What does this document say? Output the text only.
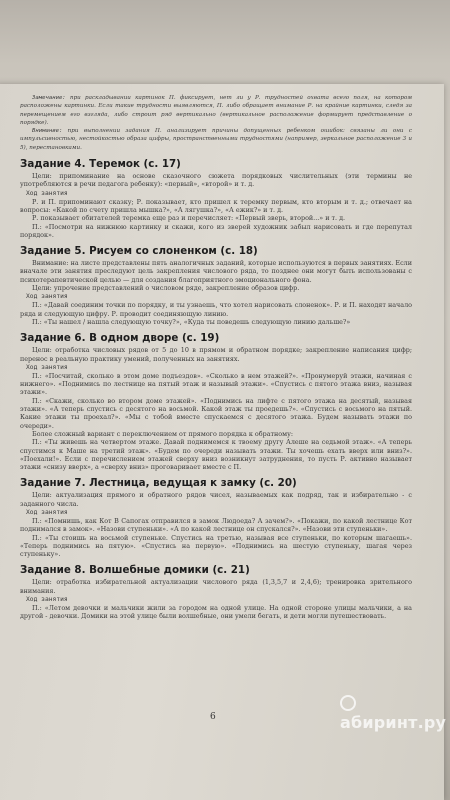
Замечание: при раскладывании картинок П. фиксирует, нет ли у Р. трудностей охвата всего поля, на котором расположены картинки. Если такие трудности выявляются, П. либо обращает внимание Р. на крайние картинки, следя за перемещением его взгляда, либо строит ряд вертикально (вертикальное расположение формирует представление о порядке).

Внимание: при выполнении задания П. анализирует причины допущенных ребенком ошибок: связаны ли они с импульсивностью, нестойкостью образа цифры, пространственными трудностями (например, зеркальное расположение 3 и 5), перестановками.

Задание 4. Теремок (с. 17)

Цели: припоминание на основе сказочного сюжета порядковых числительных (эти термины не употребляются в речи педагога ребенку): «первый», «второй» и т. д.

Ход занятия

Р. и П. припоминают сказку; Р. показывает, кто пришел к теремку первым, кто вторым и т. д.; отвечает на вопросы: «Какой по счету пришла мышка?», «А лягушка?», «А ежик?» и т. д.

Р. показывает обитателей теремка еще раз и перечисляет: «Первый зверь, второй...» и т. д.

П.: «Посмотри на нижнюю картинку и скажи, кого из зверей художник забыл нарисовать и где перепутал порядок».

Задание 5. Рисуем со слоненком (с. 18)

Внимание: на листе представлены пять аналогичных заданий, которые используются в первых занятиях. Если вначале эти занятия преследуют цель закрепления числового ряда, то позднее они могут быть использованы с психотерапевтической целью — для создания благоприятного эмоционального фона.

Цели: упрочение представлений о числовом ряде, закрепление образов цифр.

Ход занятия

П.: «Давай соединим точки по порядку, и ты узнаешь, что хотел нарисовать слоненок». Р. и П. находят начало ряда и следующую цифру. Р. проводит соединяющую линию.

П.: «Ты нашел / нашла следующую точку?», «Куда ты поведешь следующую линию дальше?»

Задание 6. В одном дворе (с. 19)

Цели: отработка числовых рядов от 5 до 10 в прямом и обратном порядке; закрепление написания цифр; перенос в реальную практику умений, полученных на занятиях.

Ход занятия

П.: «Посчитай, сколько в этом доме подъездов». «Сколько в нем этажей?». «Пронумеруй этажи, начиная с нижнего». «Поднимись по лестнице на пятый этаж и назывый этажи». «Спустись с пятого этажа вниз, называя этажи».

П.: «Скажи, сколько во втором доме этажей». «Поднимись на лифте с пятого этажа на десятый, называя этажи». «А теперь спустись с десятого на восьмой. Какой этаж ты проедешь?». «Спустись с восьмого на пятый. Какие этажи ты проехал?». «Мы с тобой вместе спускаемся с десятого этажа. Будем называть этажи по очереди».

Более сложный вариант с переключением от прямого порядка к обратному:

П.: «Ты живешь на четвертом этаже. Давай поднимемся к твоему другу Алеше на седьмой этаж». «А теперь спустимся к Маше на третий этаж». «Будем по очереди называть этажи. Ты хочешь ехать вверх или вниз?». «Поехали!». Если с перечислением этажей сверху вниз возникнут затруднения, то пусть Р. активно называет этажи «снизу вверх», а «сверху вниз» проговаривает вместе с П.

Задание 7. Лестница, ведущая к замку (с. 20)

Цели: актуализация прямого и обратного рядов чисел, называемых как подряд, так и избирательно - с заданного числа.

Ход занятия

П.: «Помнишь, как Кот В Сапогах отправился в замок Людоеда? А зачем?». «Покажи, по какой лестнице Кот поднимался в замок». «Назови ступеньки». «А по какой лестнице он спускался?». «Назови эти ступеньки».

П.: «Ты стоишь на восьмой ступеньке. Спустись на третью, называя все ступеньки, по которым шагаешь». «Теперь поднимись на пятую». «Спустись на первую». «Поднимись на шестую ступеньку, шагая через ступеньку».

Задание 8. Волшебные домики (с. 21)

Цели: отработка избирательной актуализации числового ряда (1,3,5,7 и 2,4,6); тренировка зрительного внимания.

Ход занятия

П.: «Летом девочки и мальчики жили за городом на одной улице. На одной стороне улицы мальчики, а на другой - девочки. Домики на этой улице были волшебные, они умели бегать, и дети могли путешествовать.

6	абиринт.ру
